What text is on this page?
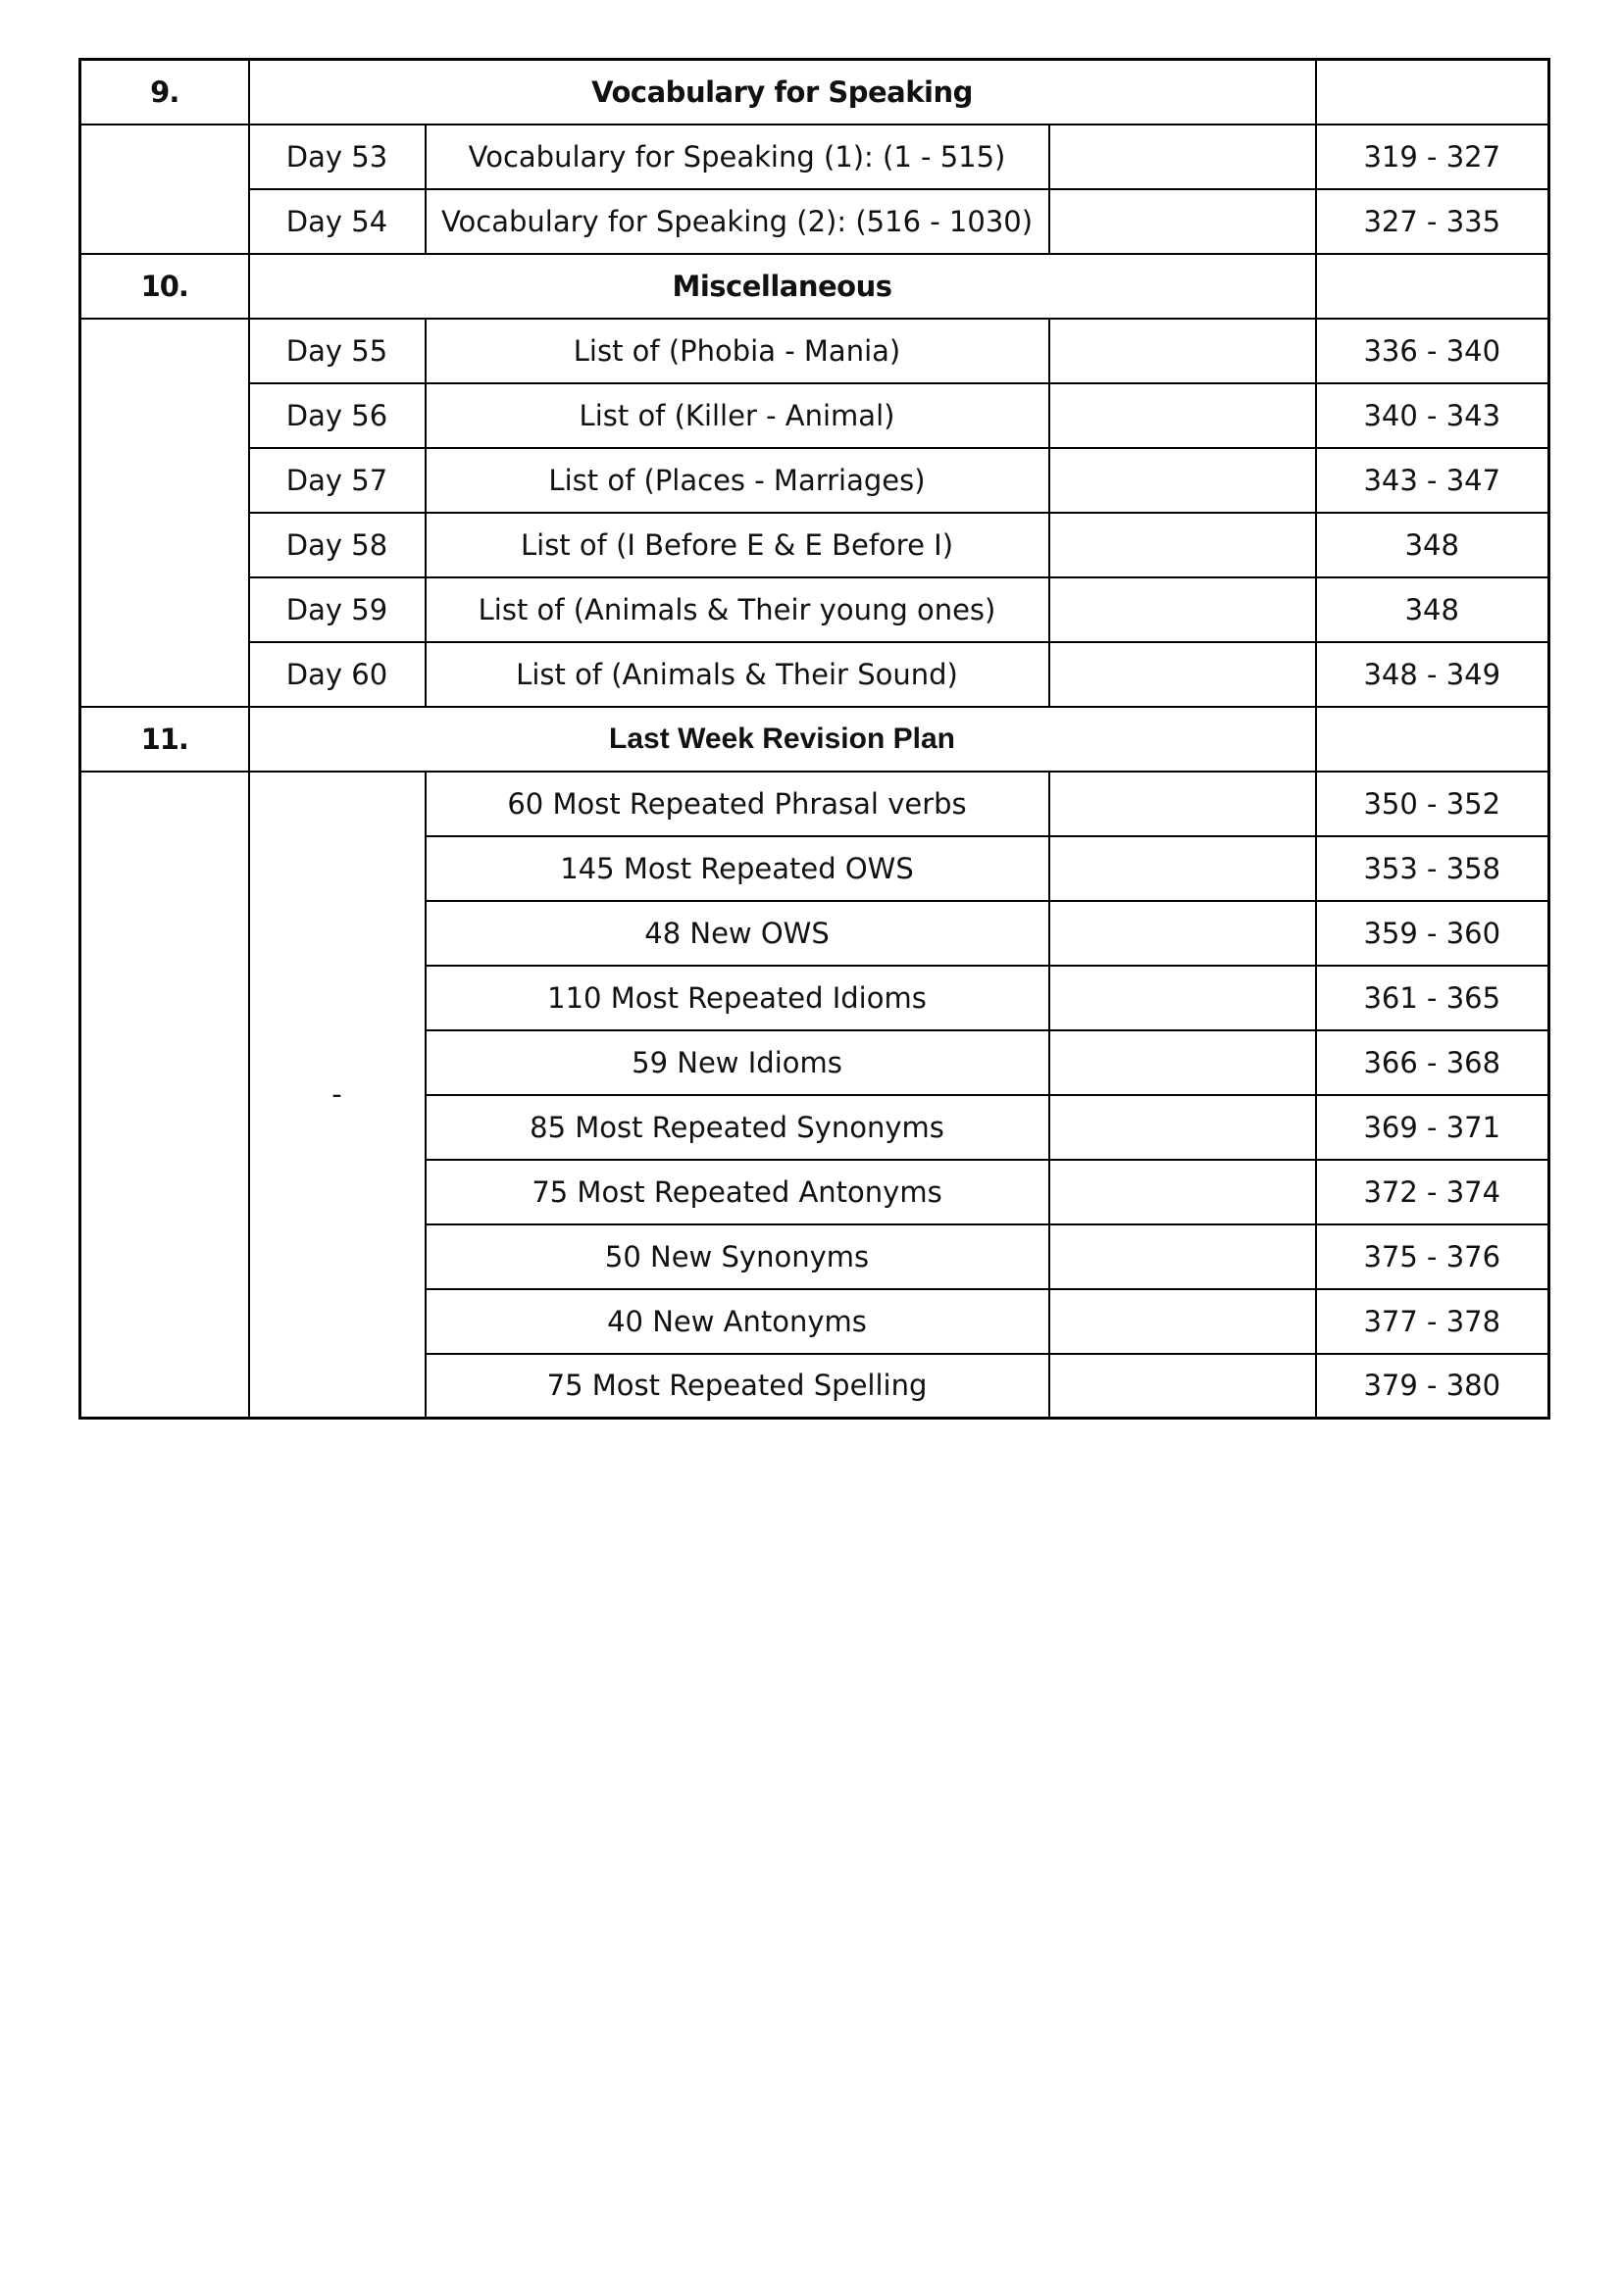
9.	Vocabulary for Speaking			
	Day 53	Vocabulary for Speaking (1): (1 - 515)		319 - 327
	Day 54	Vocabulary for Speaking (2): (516 - 1030)		327 - 335
10.	Miscellaneous			
	Day 55	List of (Phobia - Mania)		336 - 340
	Day 56	List of (Killer - Animal)		340 - 343
	Day 57	List of (Places - Marriages)		343 - 347
	Day 58	List of (I Before E & E Before I)		348
	Day 59	List of (Animals & Their young ones)		348
	Day 60	List of (Animals & Their Sound)		348 - 349
11.	Last Week Revision Plan			
	-	60 Most Repeated Phrasal verbs		350 - 352
		145 Most Repeated OWS		353 - 358
		48 New OWS		359 - 360
		110 Most Repeated Idioms		361 - 365
		59 New Idioms		366 - 368
		85 Most Repeated Synonyms		369 - 371
		75 Most Repeated Antonyms		372 - 374
		50 New Synonyms		375 - 376
		40 New Antonyms		377 - 378
		75 Most Repeated Spelling		379 - 380
